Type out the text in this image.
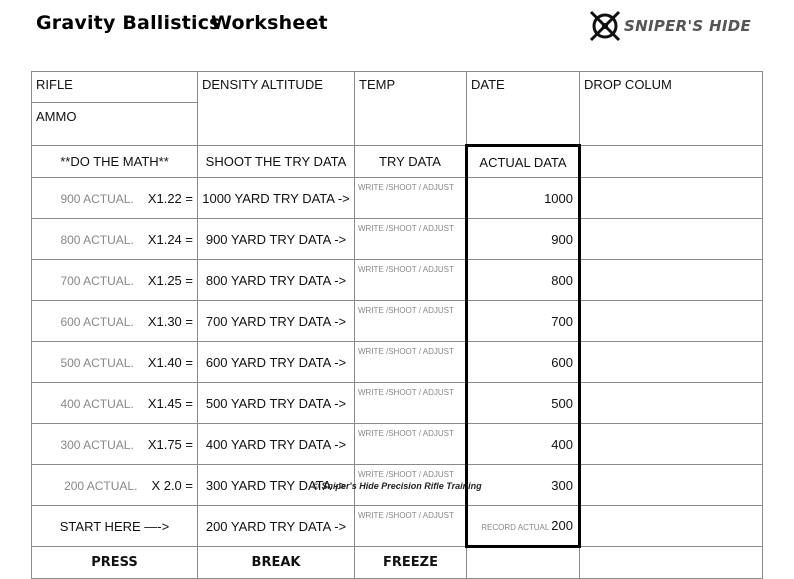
Gravity Ballistics
Worksheet	SNIPER'S HIDE
RIFLE	DENSITY ALTITUDE	TEMP	DATE	DROP COLUM
AMMO				
**DO THE MATH**	SHOOT THE TRY DATA	TRY DATA	ACTUAL DATA	
900 ACTUAL. X1.22 =	1000 YARD TRY DATA ->	WRITE /SHOOT / ADJUST	1000	
800 ACTUAL. X1.24 =	900 YARD TRY DATA ->	WRITE /SHOOT / ADJUST	900	
700 ACTUAL. X1.25 =	800 YARD TRY DATA ->	WRITE /SHOOT / ADJUST	800	
600 ACTUAL. X1.30 =	700 YARD TRY DATA ->	WRITE /SHOOT / ADJUST	700	
500 ACTUAL. X1.40 =	600 YARD TRY DATA ->	WRITE /SHOOT / ADJUST	600	
400 ACTUAL. X1.45 =	500 YARD TRY DATA ->	WRITE /SHOOT / ADJUST	500	
300 ACTUAL. X1.75 =	400 YARD TRY DATA ->	WRITE /SHOOT / ADJUST	400	
200 ACTUAL. X 2.0 =	300 YARD TRY DATA ->	WRITE /SHOOT / ADJUST	300	
START HERE —->	200 YARD TRY DATA ->	WRITE /SHOOT / ADJUST	RECORD ACTUAL 200	
PRESS	BREAK	FREEZE		
© Sniper's Hide Precision Rifle Training
